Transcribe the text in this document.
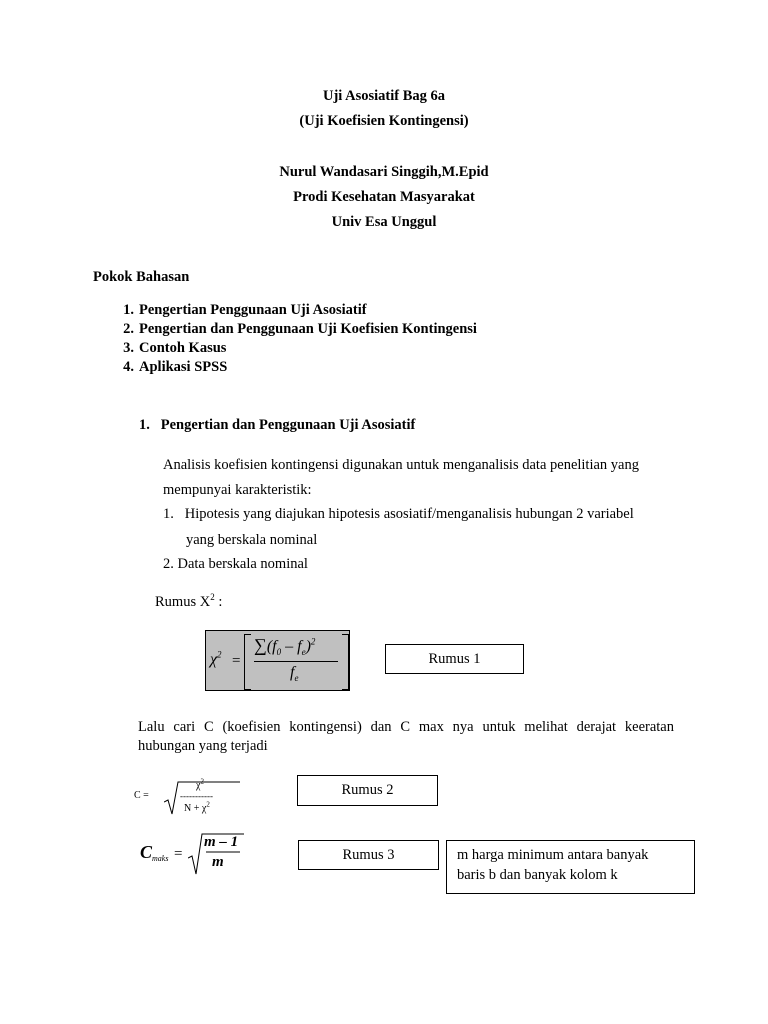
Uji Asosiatif Bag 6a
(Uji Koefisien Kontingensi)
Nurul Wandasari Singgih,M.Epid
Prodi Kesehatan Masyarakat
Univ Esa Unggul
Pokok Bahasan
1. Pengertian Penggunaan Uji Asosiatif
2. Pengertian dan Penggunaan Uji Koefisien Kontingensi
3. Contoh Kasus
4. Aplikasi SPSS
1.   Pengertian dan Penggunaan Uji Asosiatif
Analisis koefisien kontingensi digunakan untuk menganalisis data penelitian yang
mempunyai karakteristik:
1.   Hipotesis yang diajukan hipotesis asosiatif/menganalisis hubungan 2 variabel
yang berskala nominal
2. Data berskala nominal
Rumus $X^2$ :
$\chi^2$ =
$\sum(f_0 - f_e)^2$
$f_e$
Rumus 1
Lalu cari C (koefisien kontingensi) dan C max nya untuk melihat derajat keeratan
hubungan yang terjadi
C =
$\chi^2$
-----------
$N + \chi^2$
Rumus 2
C maks =
m – 1
m	Rumus 3	m harga minimum antara banyak
baris b dan banyak kolom k
